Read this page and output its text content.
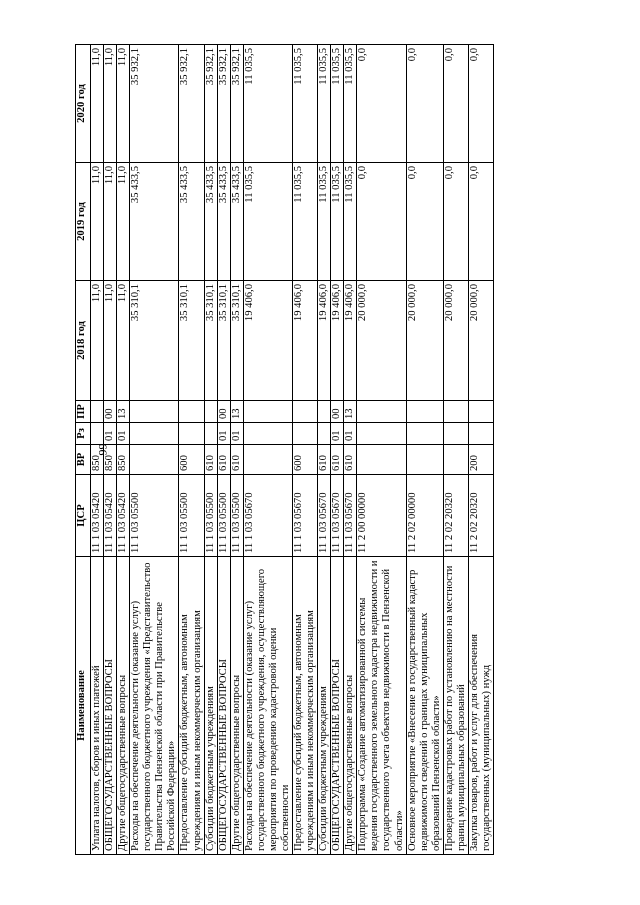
99
Наименование	ЦСР	ВР	Рз	ПР	2018 год	2019 год	2020 год
Уплата налогов, сборов и иных платежей	11 1 03 05420	850			11,0	11,0	11,0
ОБЩЕГОСУДАРСТВЕННЫЕ ВОПРОСЫ	11 1 03 05420	850	01	00	11,0	11,0	11,0
Другие общегосударственные вопросы	11 1 03 05420	850	01	13	11,0	11,0	11,0
Расходы на обеспечение деятельности (оказание услуг) государственного бюджетного учреждения «Представительство Правительства Пензенской области при Правительстве Российской Федерации»	11 1 03 05500				35 310,1	35 433,5	35 932,1
Предоставление субсидий бюджетным, автономным учреждениям и иным некоммерческим организациям	11 1 03 05500	600			35 310,1	35 433,5	35 932,1
Субсидии бюджетным учреждениям	11 1 03 05500	610			35 310,1	35 433,5	35 932,1
ОБЩЕГОСУДАРСТВЕННЫЕ ВОПРОСЫ	11 1 03 05500	610	01	00	35 310,1	35 433,5	35 932,1
Другие общегосударственные вопросы	11 1 03 05500	610	01	13	35 310,1	35 433,5	35 932,1
Расходы на обеспечение деятельности (оказание услуг) государственного бюджетного учреждения, осуществляющего мероприятия по проведению кадастровой оценки собственности	11 1 03 05670				19 406,0	11 035,5	11 035,5
Предоставление субсидий бюджетным, автономным учреждениям и иным некоммерческим организациям	11 1 03 05670	600			19 406,0	11 035,5	11 035,5
Субсидии бюджетным учреждениям	11 1 03 05670	610			19 406,0	11 035,5	11 035,5
ОБЩЕГОСУДАРСТВЕННЫЕ ВОПРОСЫ	11 1 03 05670	610	01	00	19 406,0	11 035,5	11 035,5
Другие общегосударственные вопросы	11 1 03 05670	610	01	13	19 406,0	11 035,5	11 035,5
Подпрограмма «Создание автоматизированной системы ведения государственного земельного кадастра недвижимости и государственного учета объектов недвижимости в Пензенской области»	11 2 00 00000				20 000,0	0,0	0,0
Основное мероприятие «Внесение в государственный кадастр недвижимости сведений о границах муниципальных образований Пензенской области»	11 2 02 00000				20 000,0	0,0	0,0
Проведение кадастровых работ по установлению на местности границ муниципальных образований	11 2 02 20320				20 000,0	0,0	0,0
Закупка товаров, работ и услуг для обеспечения государственных (муниципальных) нужд	11 2 02 20320	200			20 000,0	0,0	0,0
